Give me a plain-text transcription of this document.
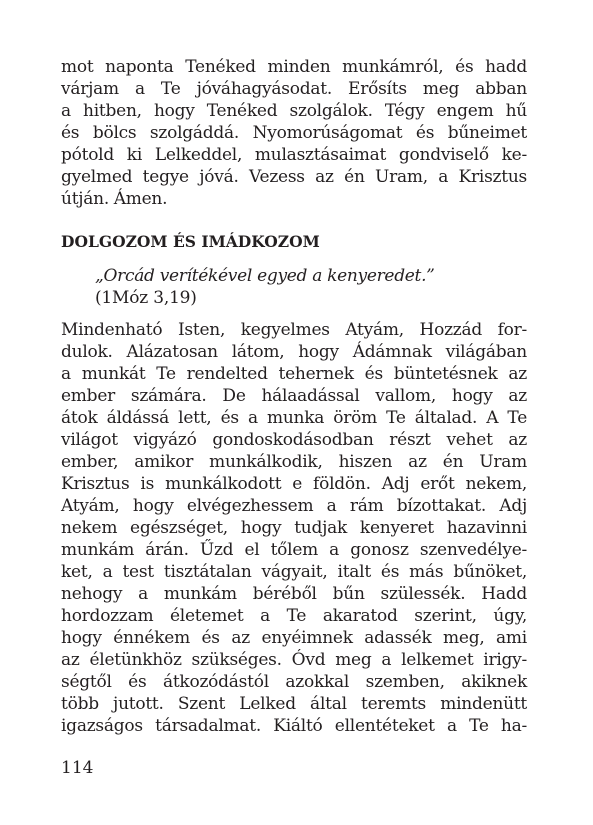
mot naponta Tenéked minden munkámról, és hadd
várjam a Te jóváhagyásodat. Erősíts meg abban
a hitben, hogy Tenéked szolgálok. Tégy engem hű
és bölcs szolgáddá. Nyomorúságomat és bűneimet
pótold ki Lelkeddel, mulasztásaimat gondviselő ke-
gyelmed tegye jóvá. Vezess az én Uram, a Krisztus
útján. Ámen.
DOLGOZOM ÉS IMÁDKOZOM
„Orcád verítékével egyed a kenyeredet.”
(1Móz 3,19)
Mindenható Isten, kegyelmes Atyám, Hozzád for-
dulok. Alázatosan látom, hogy Ádámnak világában
a munkát Te rendelted tehernek és büntetésnek az
ember számára. De hálaadással vallom, hogy az
átok áldássá lett, és a munka öröm Te általad. A Te
világot vigyázó gondoskodásodban részt vehet az
ember, amikor munkálkodik, hiszen az én Uram
Krisztus is munkálkodott e földön. Adj erőt nekem,
Atyám, hogy elvégezhessem a rám bízottakat. Adj
nekem egészséget, hogy tudjak kenyeret hazavinni
munkám árán. Űzd el tőlem a gonosz szenvedélye-
ket, a test tisztátalan vágyait, italt és más bűnöket,
nehogy a munkám béréből bűn szülessék. Hadd
hordozzam életemet a Te akaratod szerint, úgy,
hogy énnékem és az enyéimnek adassék meg, ami
az életünkhöz szükséges. Óvd meg a lelkemet irigy-
ségtől és átkozódástól azokkal szemben, akiknek
több jutott. Szent Lelked által teremts mindenütt
igazságos társadalmat. Kiáltó ellentéteket a Te ha-
114
